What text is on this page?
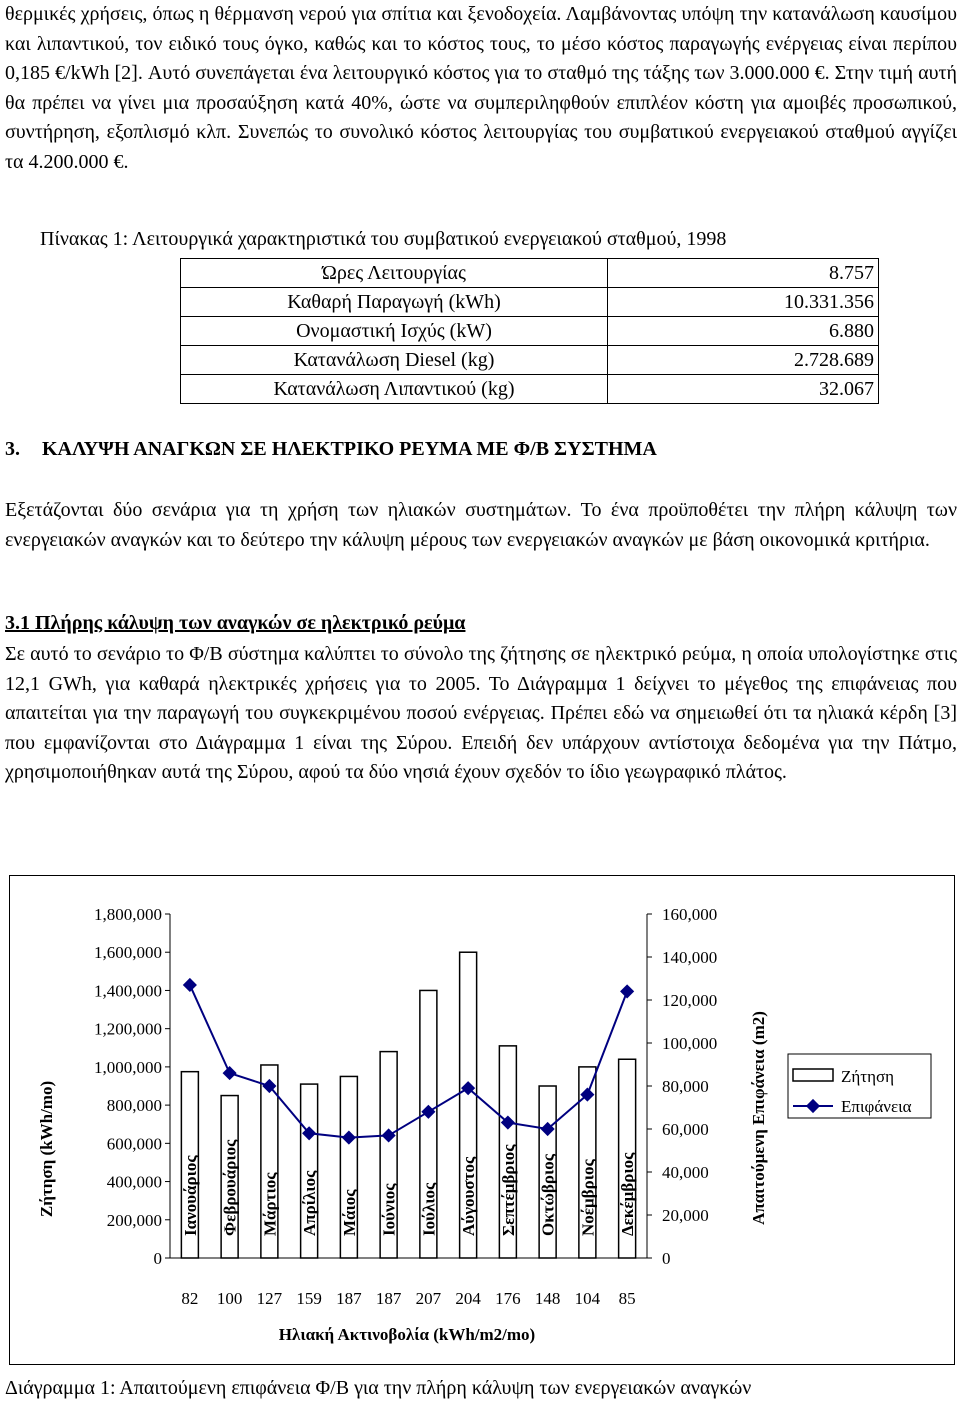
θερμικές χρήσεις, όπως η θέρμανση νερού για σπίτια και ξενοδοχεία. Λαμβάνοντας υπόψη την κατανάλωση καυσίμου και λιπαντικού, τον ειδικό τους όγκο, καθώς και το κόστος τους, το μέσο κόστος παραγωγής ενέργειας είναι περίπου 0,185 €/kWh [2]. Αυτό συνεπάγεται ένα λειτουργικό κόστος για το σταθμό της τάξης των 3.000.000 €. Στην τιμή αυτή θα πρέπει να γίνει μια προσαύξηση κατά 40%, ώστε να συμπεριληφθούν επιπλέον κόστη για αμοιβές προσωπικού, συντήρηση, εξοπλισμό κλπ. Συνεπώς το συνολικό κόστος λειτουργίας του συμβατικού ενεργειακού σταθμού αγγίζει τα 4.200.000 €.

Πίνακας 1: Λειτουργικά χαρακτηριστικά του συμβατικού ενεργειακού σταθμού, 1998

Ώρες Λειτουργίας	8.757
Καθαρή Παραγωγή (kWh)	10.331.356
Ονομαστική Ισχύς (kW)	6.880
Κατανάλωση Diesel (kg)	2.728.689
Κατανάλωση Λιπαντικού (kg)	32.067

3. ΚΑΛΥΨΗ ΑΝΑΓΚΩΝ ΣΕ ΗΛΕΚΤΡΙΚΟ ΡΕΥΜΑ ΜΕ Φ/Β ΣΥΣΤΗΜΑ

Εξετάζονται δύο σενάρια για τη χρήση των ηλιακών συστημάτων. Το ένα προϋποθέτει την πλήρη κάλυψη των ενεργειακών αναγκών και το δεύτερο την κάλυψη μέρους των ενεργειακών αναγκών με βάση οικονομικά κριτήρια.

3.1 Πλήρης κάλυψη των αναγκών σε ηλεκτρικό ρεύμα

Σε αυτό το σενάριο το Φ/Β σύστημα καλύπτει το σύνολο της ζήτησης σε ηλεκτρικό ρεύμα, η οποία υπολογίστηκε στις 12,1 GWh, για καθαρά ηλεκτρικές χρήσεις για το 2005. Το Διάγραμμα 1 δείχνει το μέγεθος της επιφάνειας που απαιτείται για την παραγωγή του συγκεκριμένου ποσού ενέργειας. Πρέπει εδώ να σημειωθεί ότι τα ηλιακά κέρδη [3] που εμφανίζονται στο Διάγραμμα 1 είναι της Σύρου. Επειδή δεν υπάρχουν αντίστοιχα δεδομένα για την Πάτμο, χρησιμοποιήθηκαν αυτά της Σύρου, αφού τα δύο νησιά έχουν σχεδόν το ίδιο γεωγραφικό πλάτος.

0
200,000
400,000
600,000
800,000
1,000,000
1,200,000
1,400,000
1,600,000
1,800,000
0
20,000
40,000
60,000
80,000
100,000
120,000
140,000
160,000
Ιανουάριος
82
Φεβρουάριος
100
Μάρτιος
127
Απρίλιος
159
Μάιος
187
Ιούνιος
187
Ιούλιος
207
Αύγουστος
204
Σεπτέμβριος
176
Οκτώβριος
148
Νοέμβριος
104
Δεκέμβριος
85
Ζήτηση (kWh/mo)	Απαιτούμενη Επιφάνεια (m2)
Ηλιακή Ακτινοβολία (kWh/m2/mo)
Ζήτηση
Επιφάνεια

Διάγραμμα 1: Απαιτούμενη επιφάνεια Φ/Β για την πλήρη κάλυψη των ενεργειακών αναγκών
